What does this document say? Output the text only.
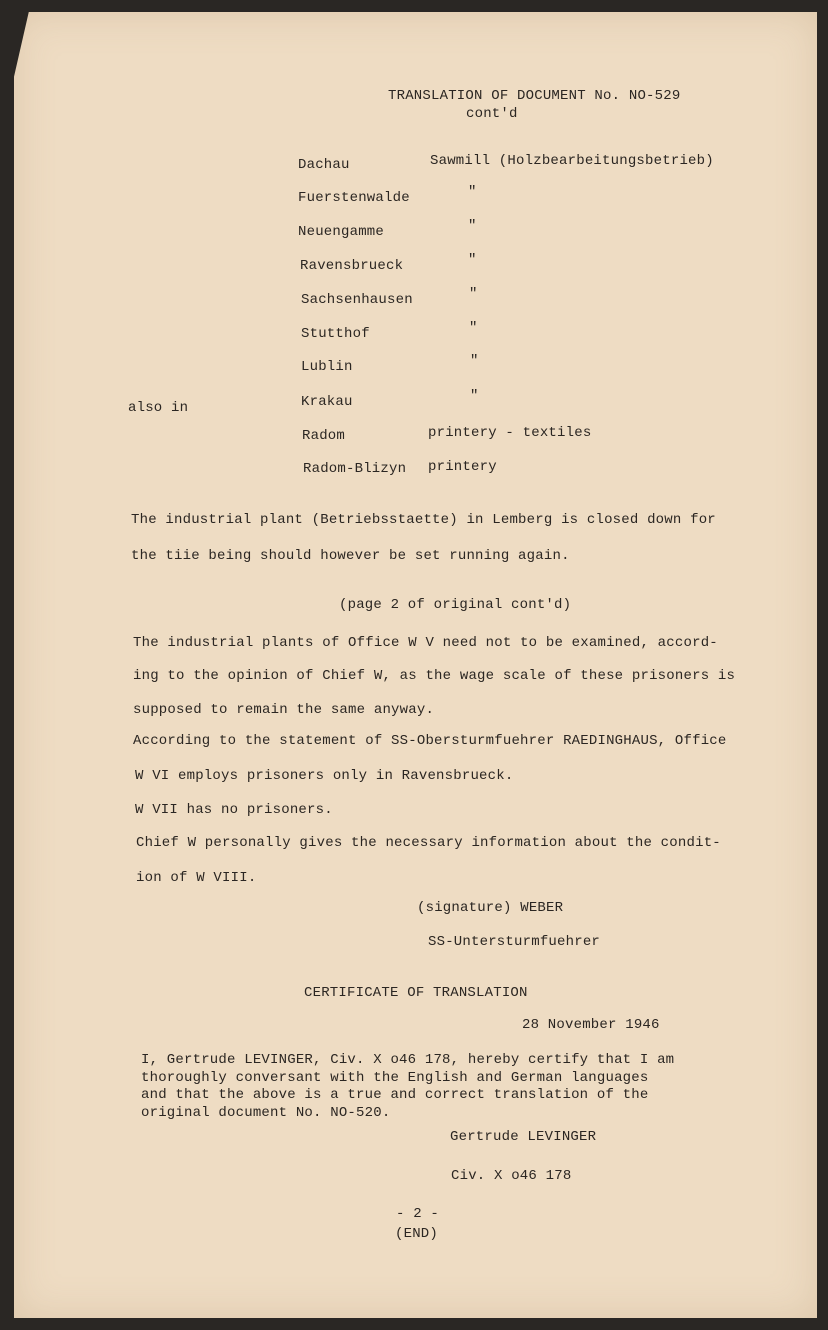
TRANSLATION OF DOCUMENT No. NO-529
cont'd
Dachau	Sawmill (Holzbearbeitungsbetrieb)
Fuerstenwalde	"
Neuengamme	"
Ravensbrueck	"
Sachsenhausen	"
Stutthof	"
Lublin	"
also in	Krakau	"
Radom	printery - textiles
Radom-Blizyn printery
The industrial plant (Betriebsstaette) in Lemberg is closed down for
the tiie being should however be set running again.
(page 2 of original cont'd)
The industrial plants of Office W V need not to be examined, accord-
ing to the opinion of Chief W, as the wage scale of these prisoners is
supposed to remain the same anyway.
According to the statement of SS-Obersturmfuehrer RAEDINGHAUS, Office
W VI employs prisoners only in Ravensbrueck.
W VII has no prisoners.
Chief W personally gives the necessary information about the condit-
ion of W VIII.
(signature) WEBER
SS-Untersturmfuehrer
CERTIFICATE OF TRANSLATION
28 November 1946
I, Gertrude LEVINGER, Civ. X o46 178, hereby certify that I am
thoroughly conversant with the English and German languages
and that the above is a true and correct translation of the
original document No. NO-520.
Gertrude LEVINGER
Civ. X o46 178
- 2 -
(END)
